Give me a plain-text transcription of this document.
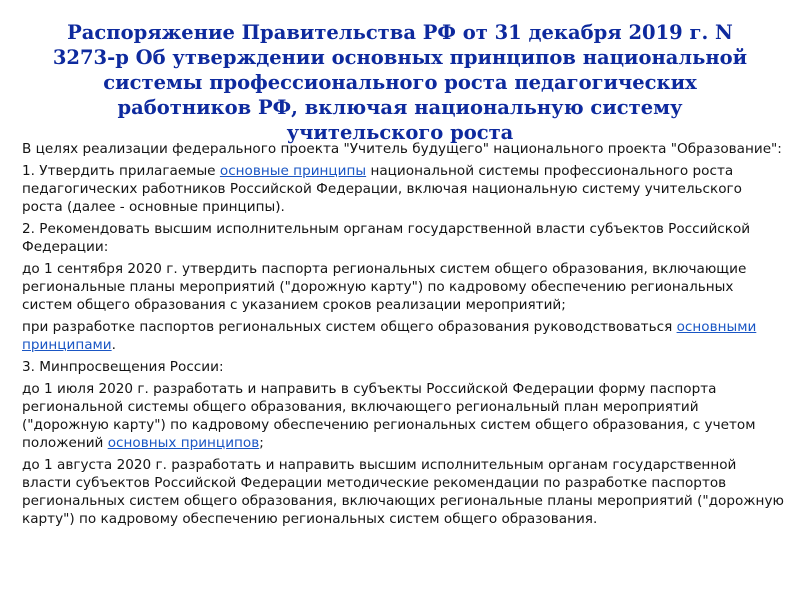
Распоряжение Правительства РФ от 31 декабря 2019 г. N 3273-р Об утверждении основных принципов национальной системы профессионального роста педагогических работников РФ, включая национальную систему учительского роста

В целях реализации федерального проекта "Учитель будущего" национального проекта "Образование":

1. Утвердить прилагаемые основные принципы национальной системы профессионального роста педагогических работников Российской Федерации, включая национальную систему учительского роста (далее - основные принципы).

2. Рекомендовать высшим исполнительным органам государственной власти субъектов Российской Федерации:

до 1 сентября 2020 г. утвердить паспорта региональных систем общего образования, включающие региональные планы мероприятий ("дорожную карту") по кадровому обеспечению региональных систем общего образования с указанием сроков реализации мероприятий;

при разработке паспортов региональных систем общего образования руководствоваться основными принципами.

3. Минпросвещения России:

до 1 июля 2020 г. разработать и направить в субъекты Российской Федерации форму паспорта региональной системы общего образования, включающего региональный план мероприятий ("дорожную карту") по кадровому обеспечению региональных систем общего образования, с учетом положений основных принципов;

до 1 августа 2020 г. разработать и направить высшим исполнительным органам государственной власти субъектов Российской Федерации методические рекомендации по разработке паспортов региональных систем общего образования, включающих региональные планы мероприятий ("дорожную карту") по кадровому обеспечению региональных систем общего образования.
